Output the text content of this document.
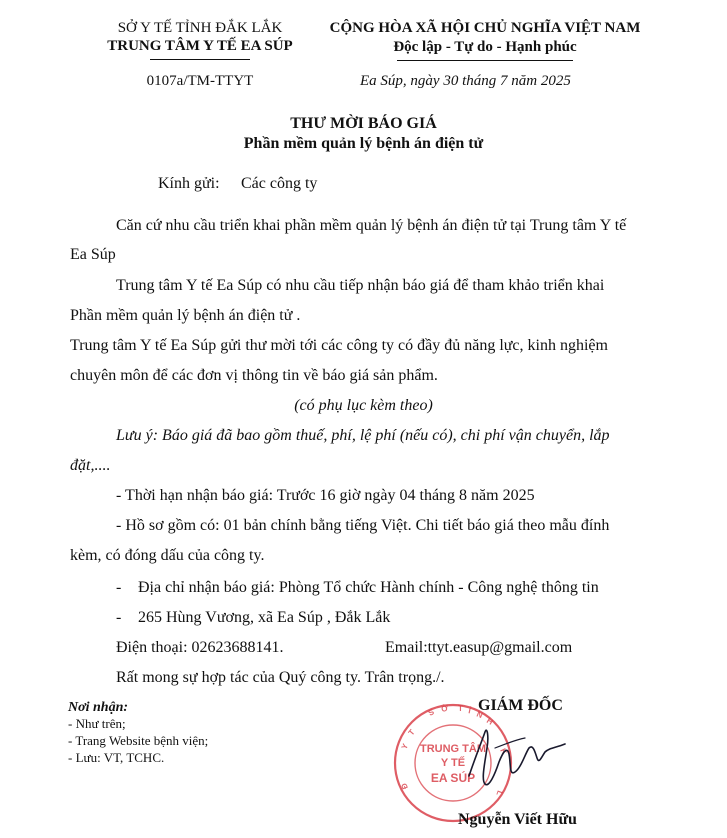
SỞ Y TẾ TỈNH ĐẮK LẮK
TRUNG TÂM Y TẾ EA SÚP
0107a/TM-TTYT
CỘNG HÒA XÃ HỘI CHỦ NGHĨA VIỆT NAM
Độc lập - Tự do - Hạnh phúc
Ea Súp, ngày 30 tháng 7 năm 2025
THƯ MỜI BÁO GIÁ
Phần mềm quản lý bệnh án điện tử
Kính gửi: Các công ty
Căn cứ nhu cầu triển khai phần mềm quản lý bệnh án điện tử tại Trung tâm Y tế
Ea Súp
Trung tâm Y tế Ea Súp có nhu cầu tiếp nhận báo giá để tham khảo triển khai
Phần mềm quản lý bệnh án điện tử .
Trung tâm Y tế Ea Súp gửi thư mời tới các công ty có đầy đủ năng lực, kinh nghiệm
chuyên môn để các đơn vị thông tin về báo giá sản phẩm.
(có phụ lục kèm theo)
Lưu ý: Báo giá đã bao gồm thuế, phí, lệ phí (nếu có), chi phí vận chuyển, lắp
đặt,....
- Thời hạn nhận báo giá: Trước 16 giờ ngày 04 tháng 8 năm 2025
- Hồ sơ gồm có: 01 bản chính bằng tiếng Việt. Chi tiết báo giá theo mẫu đính
kèm, có đóng dấu của công ty.
- Địa chỉ nhận báo giá: Phòng Tổ chức Hành chính - Công nghệ thông tin
- 265 Hùng Vương, xã Ea Súp , Đắk Lắk
Điện thoại: 02623688141.	Email:ttyt.easup@gmail.com
Rất mong sự hợp tác của Quý công ty. Trân trọng./.
Nơi nhận:
- Như trên;
- Trang Website bệnh viện;
- Lưu: VT, TCHC.
GIÁM ĐỐC
S Ở T Ỉ N
H
Y
T
K
Đ
L
TRUNG TÂM
Y TẾ
EA SÚP
Nguyễn Viết Hữu
